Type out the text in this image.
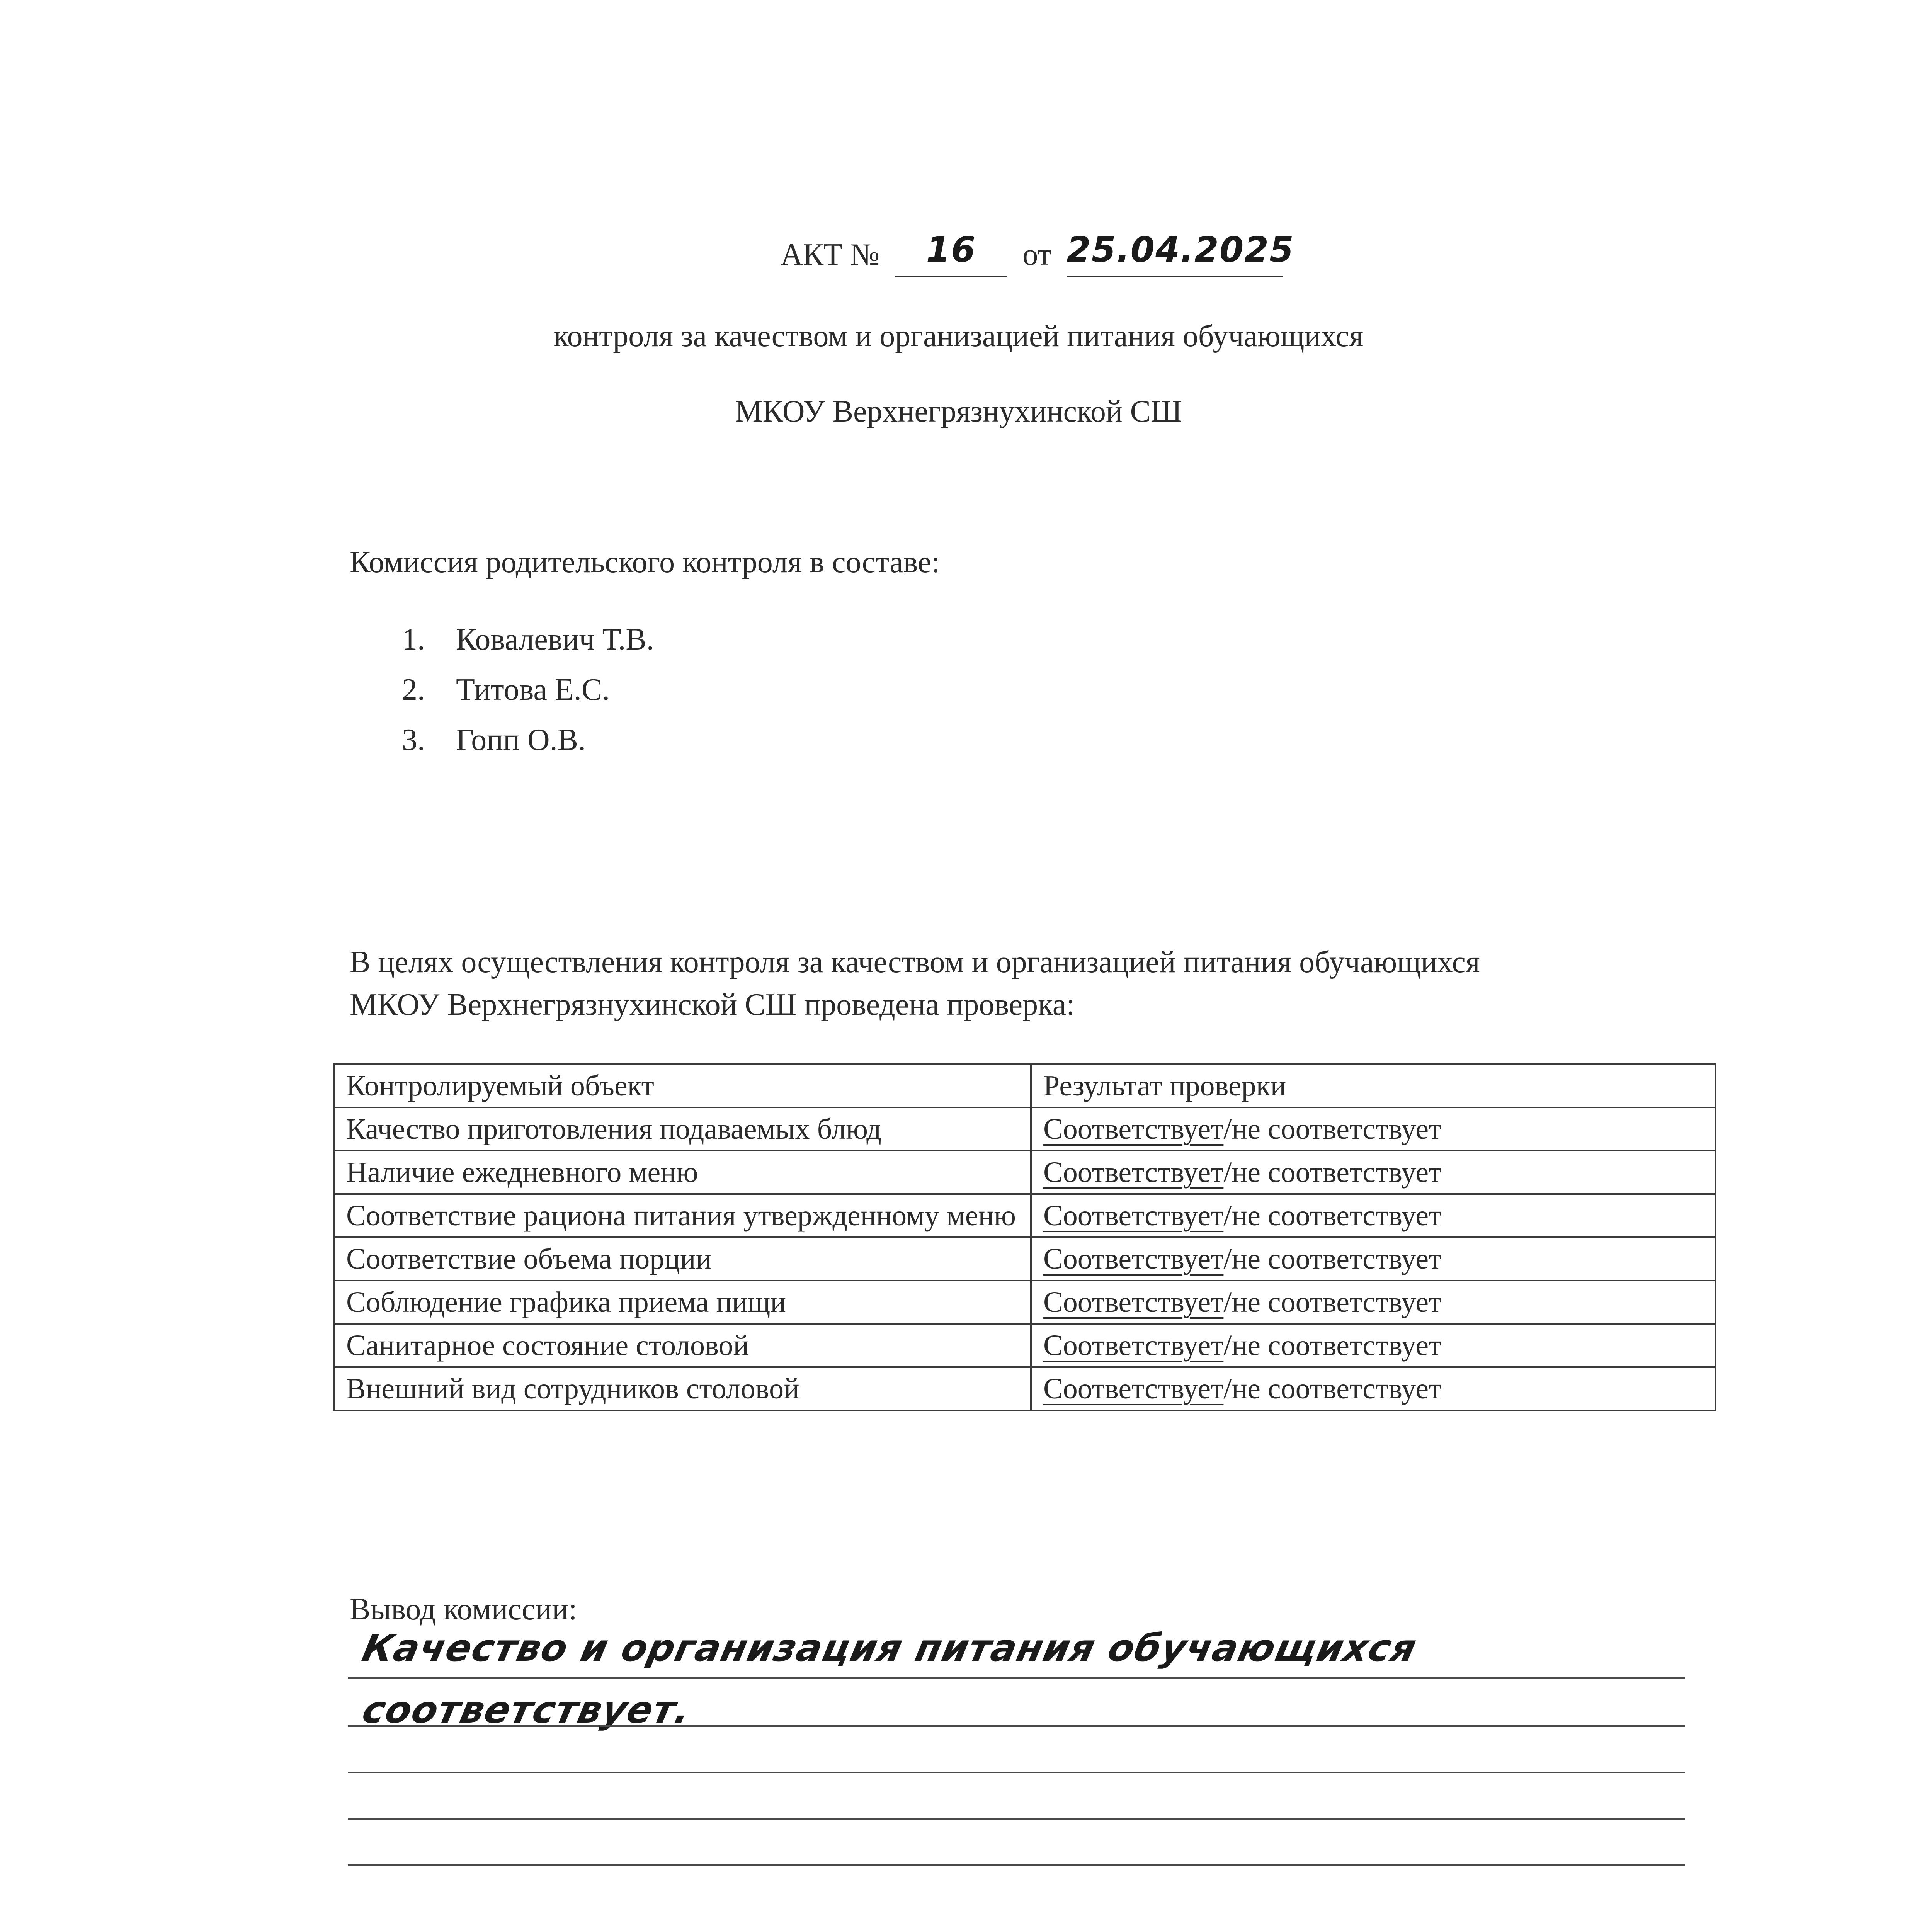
АКТ № 16 от 25.04.2025
контроля за качеством и организацией питания обучающихся
МКОУ Верхнегрязнухинской СШ
Комиссия родительского контроля в составе:
1. Ковалевич Т.В.
2. Титова Е.С.
3. Гопп О.В.
В целях осуществления контроля за качеством и организацией питания обучающихся
МКОУ Верхнегрязнухинской СШ проведена проверка:
Контролируемый объект	Результат проверки
Качество приготовления подаваемых блюд	Соответствует/не соответствует
Наличие ежедневного меню	Соответствует/не соответствует
Соответствие рациона питания утвержденному меню	Соответствует/не соответствует
Соответствие объема порции	Соответствует/не соответствует
Соблюдение графика приема пищи	Соответствует/не соответствует
Санитарное состояние столовой	Соответствует/не соответствует
Внешний вид сотрудников столовой	Соответствует/не соответствует
Вывод комиссии:
Качество и организация питания обучающихся
соответствует.
